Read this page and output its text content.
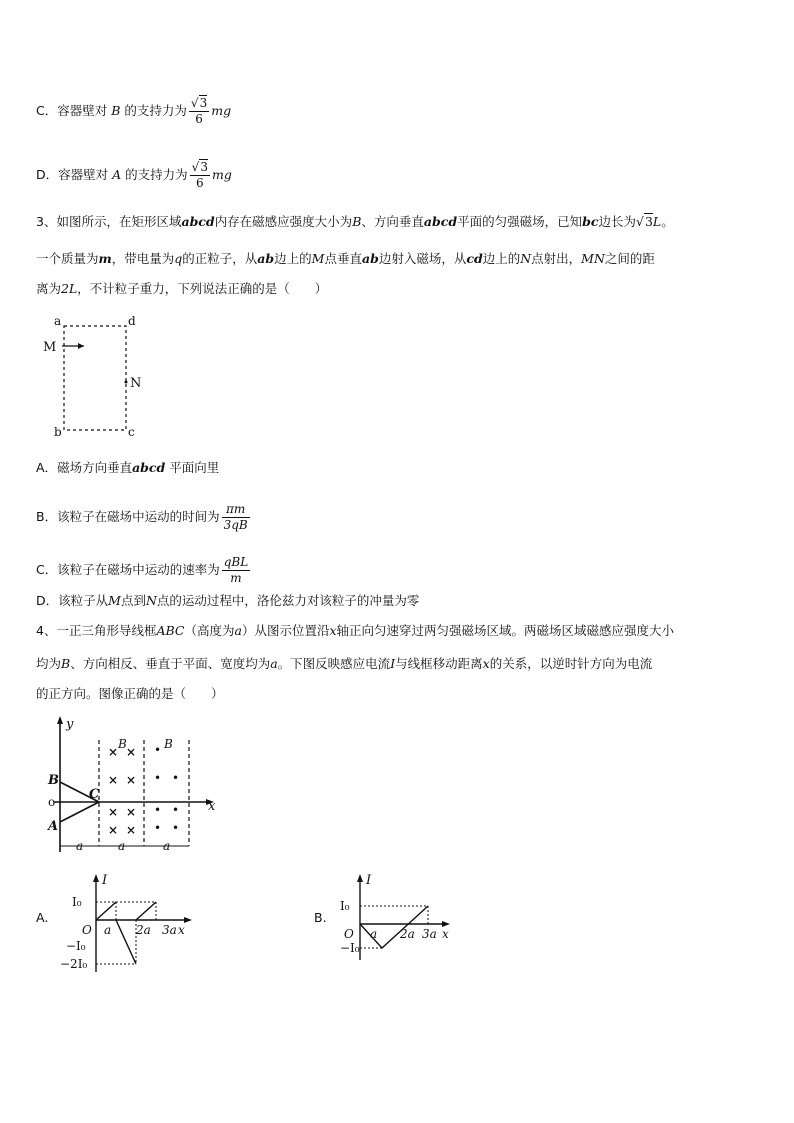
C．容器壁对 B 的支持力为 $\frac{√3}{6}$ mg
D．容器壁对 A 的支持力为 $\frac{√3}{6}$ mg
3、如图所示，在矩形区域abcd内存在磁感应强度大小为B、方向垂直abcd平面的匀强磁场，已知bc边长为√3L。
一个质量为m，带电量为q的正粒子，从ab边上的M点垂直ab边射入磁场，从cd边上的N点射出，MN之间的距
离为2L，不计粒子重力，下列说法正确的是（　　）
a	d
b	c
M
N
A．磁场方向垂直abcd 平面向里
B．该粒子在磁场中运动的时间为 $\frac{\pi m}{3qB}$
C．该粒子在磁场中运动的速率为 $\frac{\text{qBL}}{m}$
D．该粒子从M点到N点的运动过程中，洛伦兹力对该粒子的冲量为零
4、一正三角形导线框ABC（高度为a）从图示位置沿x轴正向匀速穿过两匀强磁场区域。两磁场区域磁感应强度大小
均为B、方向相反、垂直于平面、宽度均为a。下图反映感应电流I与线框移动距离x的关系，以逆时针方向为电流
的正方向。图像正确的是（　　）
y
x
o
B
A
C
B	B
× ×
× ×
× ×
× ×
•
• •
• •
• •
a	a	a
A.
I
O
I₀
−I₀
−2I₀
a 2a 3a x
B.
I
O
I₀
−I₀
a 2a 3a x
